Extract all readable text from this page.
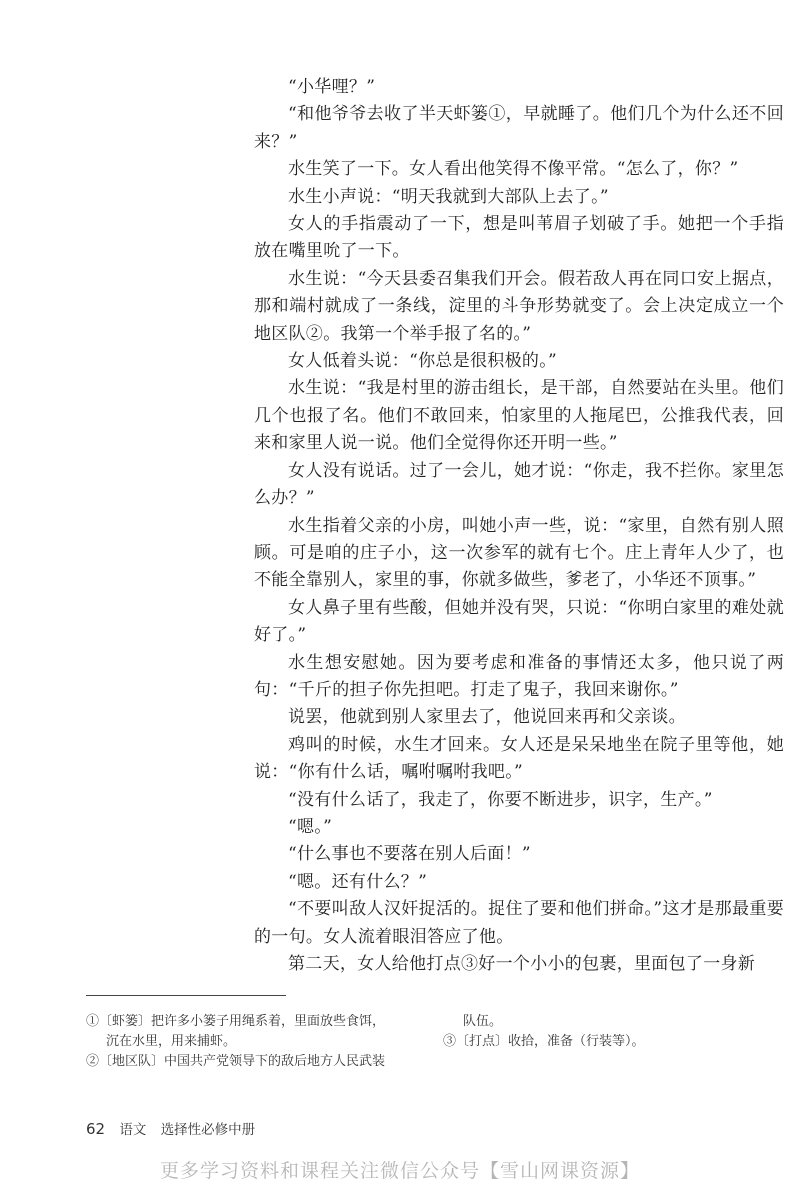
“小华哩？”

“和他爷爷去收了半天虾篓①，早就睡了。他们几个为什么还不回来？”

水生笑了一下。女人看出他笑得不像平常。“怎么了，你？”

水生小声说：“明天我就到大部队上去了。”

女人的手指震动了一下，想是叫苇眉子划破了手。她把一个手指放在嘴里吮了一下。

水生说：“今天县委召集我们开会。假若敌人再在同口安上据点，那和端村就成了一条线，淀里的斗争形势就变了。会上决定成立一个地区队②。我第一个举手报了名的。”

女人低着头说：“你总是很积极的。”

水生说：“我是村里的游击组长，是干部，自然要站在头里。他们几个也报了名。他们不敢回来，怕家里的人拖尾巴，公推我代表，回来和家里人说一说。他们全觉得你还开明一些。”

女人没有说话。过了一会儿，她才说：“你走，我不拦你。家里怎么办？”

水生指着父亲的小房，叫她小声一些，说：“家里，自然有别人照顾。可是咱的庄子小，这一次参军的就有七个。庄上青年人少了，也不能全靠别人，家里的事，你就多做些，爹老了，小华还不顶事。”

女人鼻子里有些酸，但她并没有哭，只说：“你明白家里的难处就好了。”

水生想安慰她。因为要考虑和准备的事情还太多，他只说了两句：“千斤的担子你先担吧。打走了鬼子，我回来谢你。”

说罢，他就到别人家里去了，他说回来再和父亲谈。

鸡叫的时候，水生才回来。女人还是呆呆地坐在院子里等他，她说：“你有什么话，嘱咐嘱咐我吧。”

“没有什么话了，我走了，你要不断进步，识字，生产。”

“嗯。”

“什么事也不要落在别人后面！”

“嗯。还有什么？”

“不要叫敌人汉奸捉活的。捉住了要和他们拼命。”这才是那最重要的一句。女人流着眼泪答应了他。

第二天，女人给他打点③好一个小小的包裹，里面包了一身新

①〔虾篓〕把许多小篓子用绳系着，里面放些食饵，
沉在水里，用来捕虾。
②〔地区队〕中国共产党领导下的敌后地方人民武装
队伍。
③〔打点〕收拾，准备（行装等）。
62 语文 选择性必修中册
更多学习资料和课程关注微信公众号【雪山网课资源】
